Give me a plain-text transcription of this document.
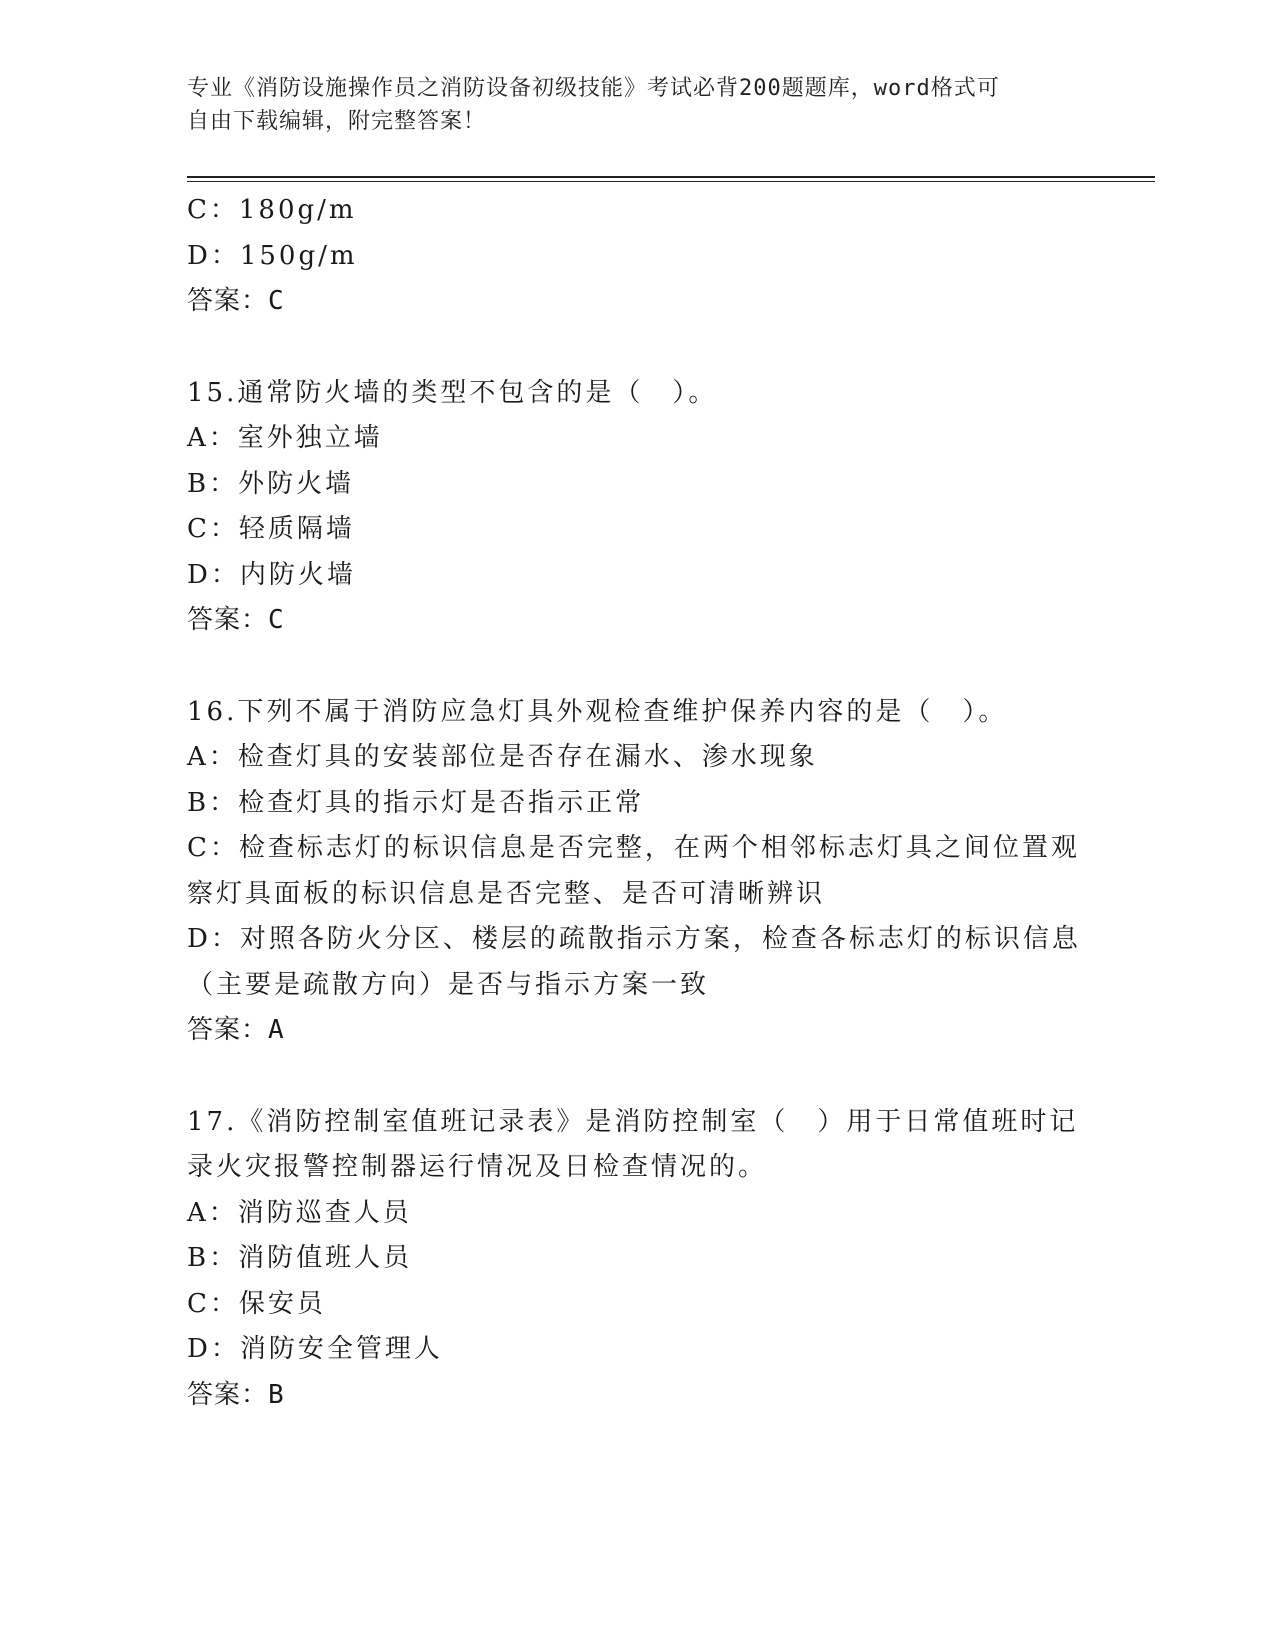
专业《消防设施操作员之消防设备初级技能》考试必背200题题库，word格式可
自由下载编辑，附完整答案！
C：180g/m
D：150g/m
答案：C
15.通常防火墙的类型不包含的是（　）。
A：室外独立墙
B：外防火墙
C：轻质隔墙
D：内防火墙
答案：C
16.下列不属于消防应急灯具外观检查维护保养内容的是（　）。
A：检查灯具的安装部位是否存在漏水、渗水现象
B：检查灯具的指示灯是否指示正常
C：检查标志灯的标识信息是否完整，在两个相邻标志灯具之间位置观
察灯具面板的标识信息是否完整、是否可清晰辨识
D：对照各防火分区、楼层的疏散指示方案，检查各标志灯的标识信息
（主要是疏散方向）是否与指示方案一致
答案：A
17.《消防控制室值班记录表》是消防控制室（　）用于日常值班时记
录火灾报警控制器运行情况及日检查情况的。
A：消防巡查人员
B：消防值班人员
C：保安员
D：消防安全管理人
答案：B
